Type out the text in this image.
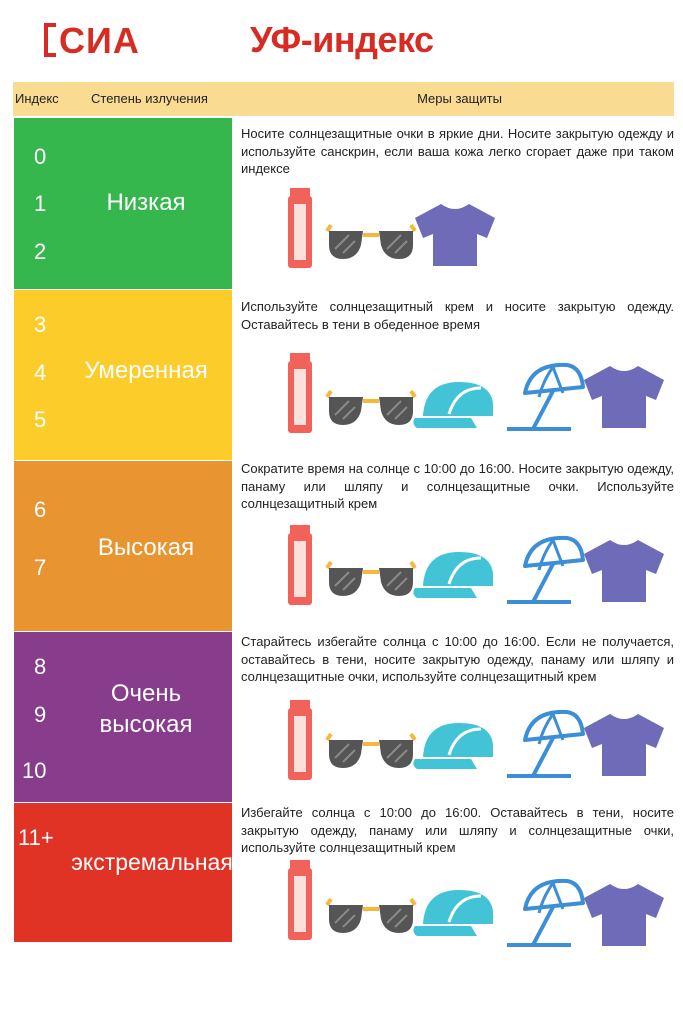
СИА	УФ-индекс
Индекс Степень излучения	Меры защиты
0
1
2
Низкая
Носите солнцезащитные очки в яркие дни. Носите закрытую одежду и используйте санскрин, если ваша кожа легко сгорает даже при таком индексе
3
4
5
Умеренная
Используйте солнцезащитный крем и носите закрытую одежду. Оставайтесь в тени в обеденное время
6
7
Высокая
Сократите время на солнце с 10:00 до 16:00. Носите закрытую одежду, панаму или шляпу и солнцезащитные очки. Используйте солнцезащитный крем
8
9
10
Очень
высокая
Старайтесь избегайте солнца с 10:00 до 16:00. Если не получается, оставайтесь в тени, носите закрытую одежду, панаму или шляпу и солнцезащитные очки, используйте солнцезащитный крем
11+
экстремальная
Избегайте солнца с 10:00 до 16:00. Оставайтесь в тени, носите закрытую одежду, панаму или шляпу и солнцезащитные очки, используйте солнцезащитный крем
